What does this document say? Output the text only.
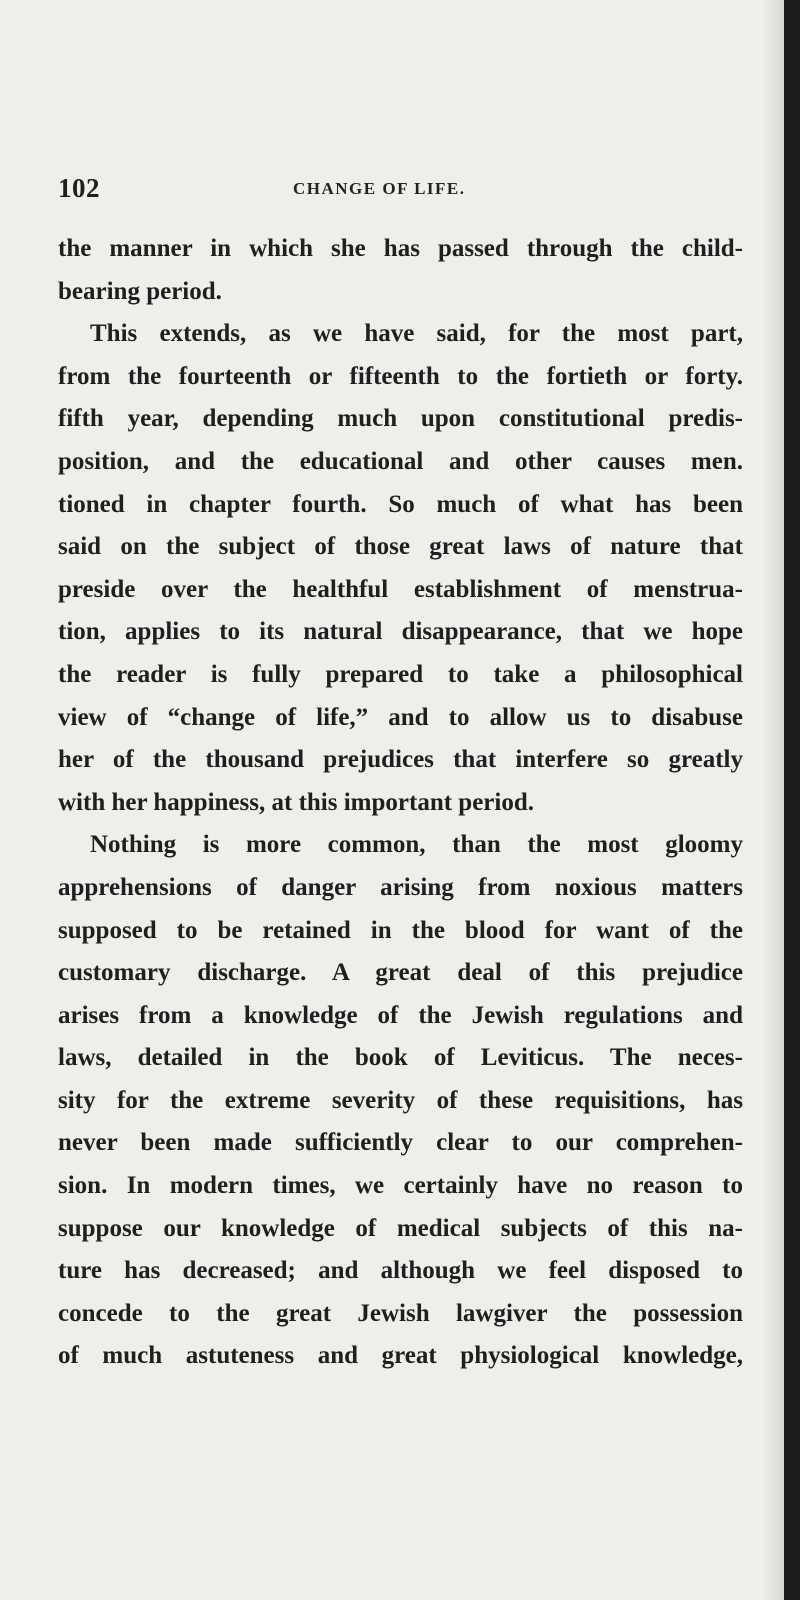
102	CHANGE OF LIFE.
the manner in which she has passed through the child-
bearing period.
This extends, as we have said, for the most part,
from the fourteenth or fifteenth to the fortieth or forty.
fifth year, depending much upon constitutional predis-
position, and the educational and other causes men.
tioned in chapter fourth. So much of what has been
said on the subject of those great laws of nature that
preside over the healthful establishment of menstrua-
tion, applies to its natural disappearance, that we hope
the reader is fully prepared to take a philosophical
view of “change of life,” and to allow us to disabuse
her of the thousand prejudices that interfere so greatly
with her happiness, at this important period.
Nothing is more common, than the most gloomy
apprehensions of danger arising from noxious matters
supposed to be retained in the blood for want of the
customary discharge. A great deal of this prejudice
arises from a knowledge of the Jewish regulations and
laws, detailed in the book of Leviticus. The neces-
sity for the extreme severity of these requisitions, has
never been made sufficiently clear to our comprehen-
sion. In modern times, we certainly have no reason to
suppose our knowledge of medical subjects of this na-
ture has decreased; and although we feel disposed to
concede to the great Jewish lawgiver the possession
of much astuteness and great physiological knowledge,
